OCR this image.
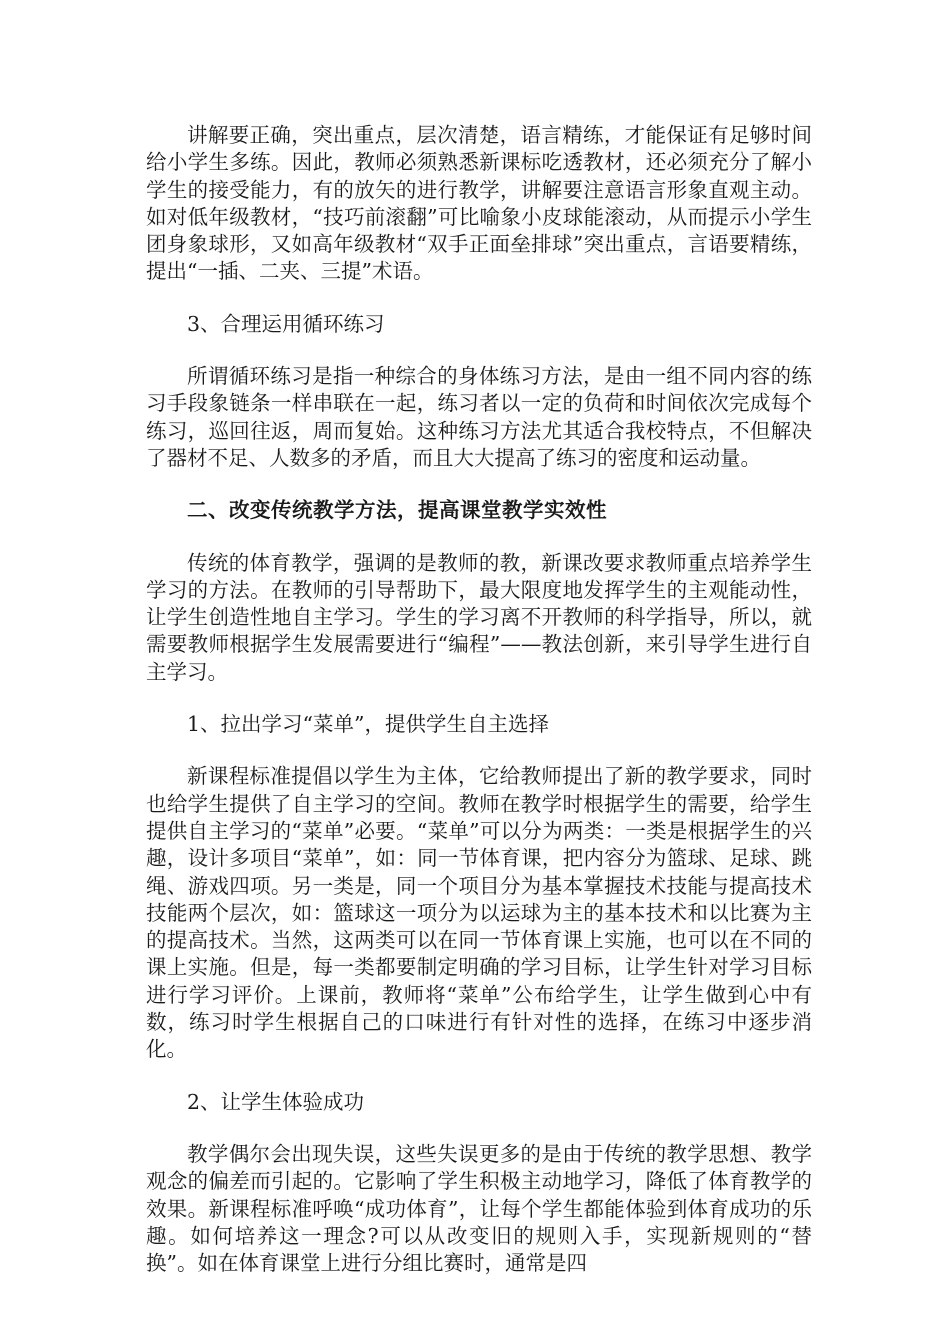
讲解要正确，突出重点，层次清楚，语言精练，才能保证有足够时间给小学生多练。因此，教师必须熟悉新课标吃透教材，还必须充分了解小学生的接受能力，有的放矢的进行教学，讲解要注意语言形象直观主动。如对低年级教材，“技巧前滚翻”可比喻象小皮球能滚动，从而提示小学生团身象球形，又如高年级教材“双手正面垒排球”突出重点，言语要精练，提出“一插、二夹、三提”术语。

3、合理运用循环练习

所谓循环练习是指一种综合的身体练习方法，是由一组不同内容的练习手段象链条一样串联在一起，练习者以一定的负荷和时间依次完成每个练习，巡回往返，周而复始。这种练习方法尤其适合我校特点，不但解决了器材不足、人数多的矛盾，而且大大提高了练习的密度和运动量。

二、改变传统教学方法，提高课堂教学实效性

传统的体育教学，强调的是教师的教，新课改要求教师重点培养学生学习的方法。在教师的引导帮助下，最大限度地发挥学生的主观能动性，让学生创造性地自主学习。学生的学习离不开教师的科学指导，所以，就需要教师根据学生发展需要进行“编程”——教法创新，来引导学生进行自主学习。

1、拉出学习“菜单”，提供学生自主选择

新课程标准提倡以学生为主体，它给教师提出了新的教学要求，同时也给学生提供了自主学习的空间。教师在教学时根据学生的需要，给学生提供自主学习的“菜单”必要。“菜单”可以分为两类：一类是根据学生的兴趣，设计多项目“菜单”，如：同一节体育课，把内容分为篮球、足球、跳绳、游戏四项。另一类是，同一个项目分为基本掌握技术技能与提高技术技能两个层次，如：篮球这一项分为以运球为主的基本技术和以比赛为主的提高技术。当然，这两类可以在同一节体育课上实施，也可以在不同的课上实施。但是，每一类都要制定明确的学习目标，让学生针对学习目标进行学习评价。上课前，教师将“菜单”公布给学生，让学生做到心中有数，练习时学生根据自己的口味进行有针对性的选择，在练习中逐步消化。

2、让学生体验成功

教学偶尔会出现失误，这些失误更多的是由于传统的教学思想、教学观念的偏差而引起的。它影响了学生积极主动地学习，降低了体育教学的效果。新课程标准呼唤“成功体育”，让每个学生都能体验到体育成功的乐趣。如何培养这一理念?可以从改变旧的规则入手，实现新规则的“替换”。如在体育课堂上进行分组比赛时，通常是四
